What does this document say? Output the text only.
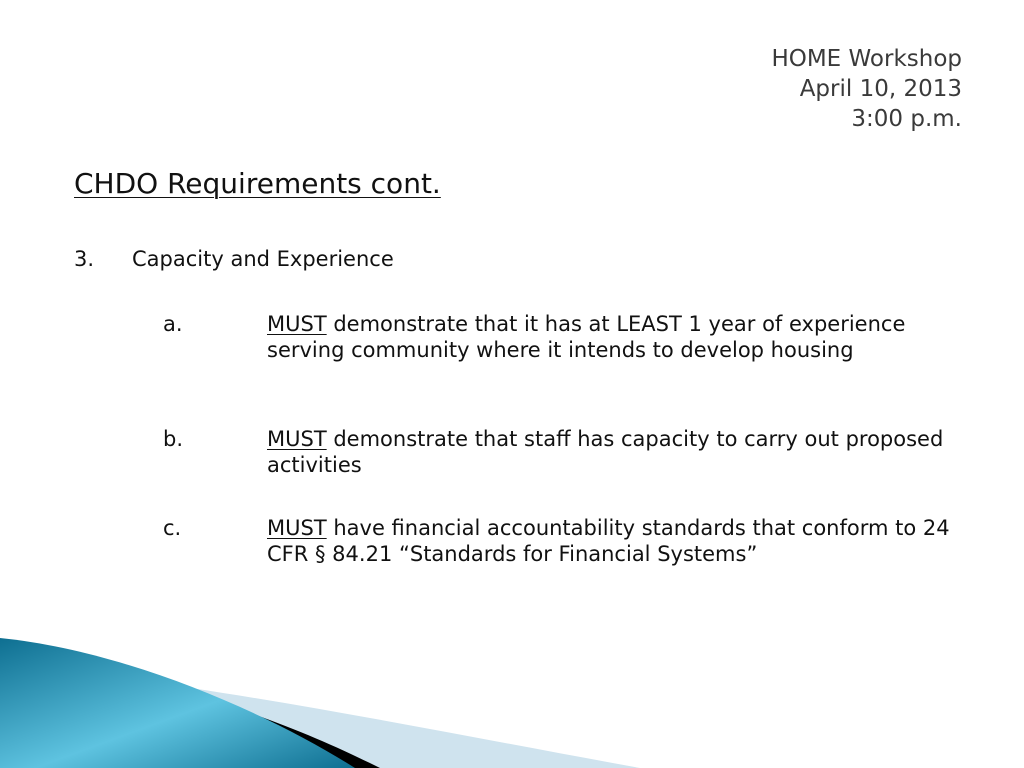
HOME Workshop
April 10, 2013
3:00 p.m.
CHDO Requirements cont.
3. Capacity and Experience
a.	MUST demonstrate that it has at LEAST 1 year of experience serving community where it intends to develop housing
b.	MUST demonstrate that staff has capacity to carry out proposed activities
c.	MUST have financial accountability standards that conform to 24 CFR § 84.21 “Standards for Financial Systems”
